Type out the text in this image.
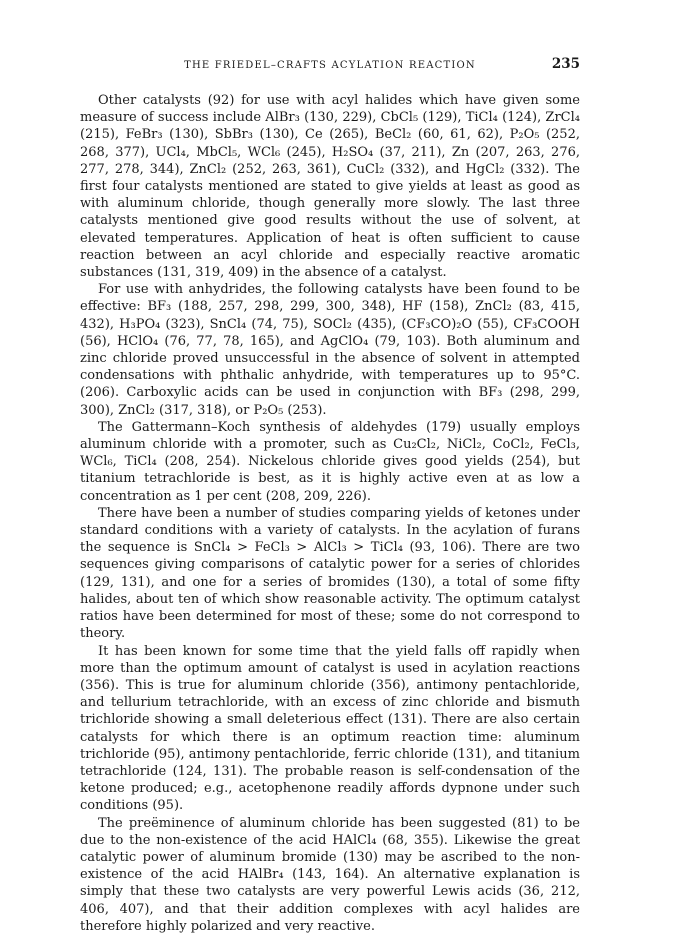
THE FRIEDEL–CRAFTS ACYLATION REACTION	235

Other catalysts (92) for use with acyl halides which have given some measure of success include AlBr₃ (130, 229), CbCl₅ (129), TiCl₄ (124), ZrCl₄ (215), FeBr₃ (130), SbBr₃ (130), Ce (265), BeCl₂ (60, 61, 62), P₂O₅ (252, 268, 377), UCl₄, MbCl₅, WCl₆ (245), H₂SO₄ (37, 211), Zn (207, 263, 276, 277, 278, 344), ZnCl₂ (252, 263, 361), CuCl₂ (332), and HgCl₂ (332). The first four catalysts mentioned are stated to give yields at least as good as with aluminum chloride, though generally more slowly. The last three catalysts mentioned give good results without the use of solvent, at elevated temperatures. Application of heat is often sufficient to cause reaction between an acyl chloride and especially reactive aromatic substances (131, 319, 409) in the absence of a catalyst.

For use with anhydrides, the following catalysts have been found to be effective: BF₃ (188, 257, 298, 299, 300, 348), HF (158), ZnCl₂ (83, 415, 432), H₃PO₄ (323), SnCl₄ (74, 75), SOCl₂ (435), (CF₃CO)₂O (55), CF₃COOH (56), HClO₄ (76, 77, 78, 165), and AgClO₄ (79, 103). Both aluminum and zinc chloride proved unsuccessful in the absence of solvent in attempted condensations with phthalic anhydride, with temperatures up to 95°C. (206). Carboxylic acids can be used in conjunction with BF₃ (298, 299, 300), ZnCl₂ (317, 318), or P₂O₅ (253).

The Gattermann–Koch synthesis of aldehydes (179) usually employs aluminum chloride with a promoter, such as Cu₂Cl₂, NiCl₂, CoCl₂, FeCl₃, WCl₆, TiCl₄ (208, 254). Nickelous chloride gives good yields (254), but titanium tetrachloride is best, as it is highly active even at as low a concentration as 1 per cent (208, 209, 226).

There have been a number of studies comparing yields of ketones under standard conditions with a variety of catalysts. In the acylation of furans the sequence is SnCl₄ > FeCl₃ > AlCl₃ > TiCl₄ (93, 106). There are two sequences giving comparisons of catalytic power for a series of chlorides (129, 131), and one for a series of bromides (130), a total of some fifty halides, about ten of which show reasonable activity. The optimum catalyst ratios have been determined for most of these; some do not correspond to theory.

It has been known for some time that the yield falls off rapidly when more than the optimum amount of catalyst is used in acylation reactions (356). This is true for aluminum chloride (356), antimony pentachloride, and tellurium tetrachloride, with an excess of zinc chloride and bismuth trichloride showing a small deleterious effect (131). There are also certain catalysts for which there is an optimum reaction time: aluminum trichloride (95), antimony pentachloride, ferric chloride (131), and titanium tetrachloride (124, 131). The probable reason is self-condensation of the ketone produced; e.g., acetophenone readily affords dypnone under such conditions (95).

The preëminence of aluminum chloride has been suggested (81) to be due to the non-existence of the acid HAlCl₄ (68, 355). Likewise the great catalytic power of aluminum bromide (130) may be ascribed to the non-existence of the acid HAlBr₄ (143, 164). An alternative explanation is simply that these two catalysts are very powerful Lewis acids (36, 212, 406, 407), and that their addition complexes with acyl halides are therefore highly polarized and very reactive.
